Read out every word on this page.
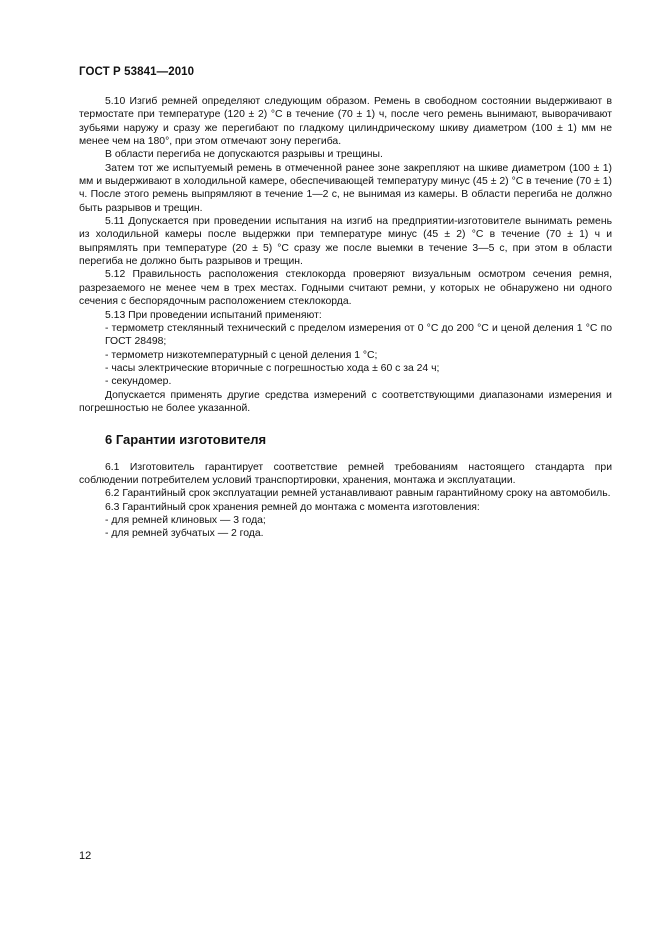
ГОСТ Р 53841—2010

5.10 Изгиб ремней определяют следующим образом. Ремень в свободном состоянии выдерживают в термостате при температуре (120 ± 2) °С в течение (70 ± 1) ч, после чего ремень вынимают, выворачивают зубьями наружу и сразу же перегибают по гладкому цилиндрическому шкиву диаметром (100 ± 1) мм не менее чем на 180°, при этом отмечают зону перегиба.

В области перегиба не допускаются разрывы и трещины.

Затем тот же испытуемый ремень в отмеченной ранее зоне закрепляют на шкиве диаметром (100 ± 1) мм и выдерживают в холодильной камере, обеспечивающей температуру минус (45 ± 2) °С в течение (70 ± 1) ч. После этого ремень выпрямляют в течение 1—2 с, не вынимая из камеры. В области перегиба не должно быть разрывов и трещин.

5.11 Допускается при проведении испытания на изгиб на предприятии-изготовителе вынимать ремень из холодильной камеры после выдержки при температуре минус (45 ± 2) °С в течение (70 ± 1) ч и выпрямлять при температуре (20 ± 5) °С сразу же после выемки в течение 3—5 с, при этом в области перегиба не должно быть разрывов и трещин.

5.12 Правильность расположения стеклокорда проверяют визуальным осмотром сечения ремня, разрезаемого не менее чем в трех местах. Годными считают ремни, у которых не обнаружено ни одного сечения с беспорядочным расположением стеклокорда.

5.13 При проведении испытаний применяют:

- термометр стеклянный технический с пределом измерения от 0 °С до 200 °С и ценой деления 1 °С по ГОСТ 28498;

- термометр низкотемпературный с ценой деления 1 °С;

- часы электрические вторичные с погрешностью хода ± 60 с за 24 ч;

- секундомер.

Допускается применять другие средства измерений с соответствующими диапазонами измерения и погрешностью не более указанной.

6 Гарантии изготовителя

6.1 Изготовитель гарантирует соответствие ремней требованиям настоящего стандарта при соблюдении потребителем условий транспортировки, хранения, монтажа и эксплуатации.

6.2 Гарантийный срок эксплуатации ремней устанавливают равным гарантийному сроку на автомобиль.

6.3 Гарантийный срок хранения ремней до монтажа с момента изготовления:

- для ремней клиновых — 3 года;

- для ремней зубчатых — 2 года.

12
